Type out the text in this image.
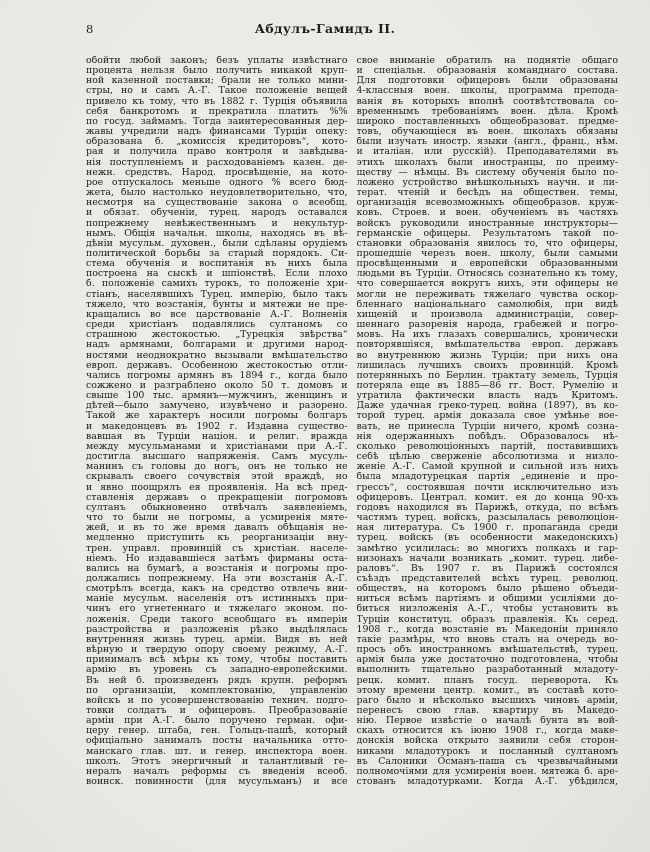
8	Абдулъ-Гамидъ II.
обойти любой законъ; безъ уплаты извѣстнаго
процента нельзя было получить никакой круп-
ной казенной поставки; брали не только мини-
стры, но и самъ А.-Г. Такое положеніе вещей
привело къ тому, что въ 1882 г. Турція объявила
себя банкротомъ и прекратила платить %%
по госуд. займамъ. Тогда заинтересованныя дер-
жавы учредили надъ финансами Турціи опеку:
образована б. „комиссія кредиторовъ“, кото-
рая и получила право контроля и завѣдыва-
нія поступленіемъ и расходованіемъ казен. де-
нежн. средствъ. Народ. просвѣщеніе, на кото-
рое отпускалось меньше одного % всего бюд-
жета, было настолько неудовлетворительно, что,
несмотря на существованіе закона о всеобщ.
и обязат. обученіи, турец. народъ оставался
попрежнему невѣжественнымъ и некультур-
нымъ. Общія начальн. школы, находясь въ вѣ-
дѣніи мусульм. духовен., были сдѣланы орудіемъ
политической борьбы за старый порядокъ. Си-
стема обученія и воспитанія въ нихъ была
построена на сыскѣ и шпіонствѣ. Если плохо
б. положеніе самихъ турокъ, то положеніе хри-
стіанъ, населявшихъ Турец. имперію, было такъ
тяжело, что возстанія, бунты и мятежи не пре-
кращались во все царствованіе А.-Г. Волненія
среди христіанъ подавлялись султаномъ со
страшною жестокостью. „Турецкія звѣрства“
надъ армянами, болгарами и другими народ-
ностями неоднократно вызывали вмѣшательство
европ. державъ. Особенною жестокостью отли-
чались погромы армянъ въ 1894 г., когда было
сожжено и разграблено около 50 т. домовъ и
свыше 100 тыс. армянъ—мужчинъ, женщинъ и
дѣтей—было замучено, изувѣчено и разорено.
Такой же характеръ носили погромы болгаръ
и македонцевъ въ 1902 г. Издавна существо-
вавшая въ Турціи націон. и религ. вражда
между мусульманами и христіанами при А.-Г.
достигла высшаго напряженія. Самъ мусуль-
манинъ съ головы до ногъ, онъ не только не
скрывалъ своего сочувствія этой враждѣ, но
и явно поощрялъ ея проявленія. На всѣ пред-
ставленія державъ о прекращеніи погромовъ
султанъ обыкновенно отвѣчалъ заявленіемъ,
что то были не погромы, а усмиренія мяте-
жей, и въ то же время давалъ обѣщанія не-
медленно приступить къ реорганизаціи вну-
трен. управл. провинцій съ христіан. населе-
ніемъ. Но издававшіеся затѣмъ фирманы оста-
вались на бумагѣ, а возстанія и погромы про-
должались попрежнему. На эти возстанія А.-Г.
смотрѣлъ всегда, какъ на средство отвлечь вни-
маніе мусульм. населенія отъ истинныхъ при-
чинъ его угнетеннаго и тяжелаго эконом. по-
ложенія. Среди такого всеобщаго въ имперіи
разстройства и разложенія рѣзко выдѣлялась
внутренняя жизнь турец. арміи. Видя въ ней
вѣрную и твердую опору своему режиму, А.-Г.
принималъ всѣ мѣры къ тому, чтобы поставить
армію въ уровень съ западно-европейскими.
Въ ней б. произведенъ рядъ крупн. реформъ
по организаціи, комплектованію, управленію
войскъ и по усовершенствованію технич. подго-
товки солдатъ и офицеровъ. Преобразованіе
арміи при А.-Г. было поручено герман. офи-
церу генер. штаба, ген. Гольцъ-пашѣ, который
офиціально занималъ посты начальника отто-
манскаго глав. шт. и генер. инспектора воен.
школъ. Этотъ энергичный и талантливый ге-
нералъ началъ реформы съ введенія всеоб.
воинск. повинности (для мусульманъ) и все
свое вниманіе обратилъ на поднятіе общаго
и спеціальн. образованія команднаго состава.
Для подготовки офицеровъ были образованы
4-классныя воен. школы, программа препода-
ванія въ которыхъ вполнѣ соотвѣтствовала со-
временнымъ требованіямъ воен. дѣла. Кромѣ
широко поставленныхъ общеобразоват. предме-
товъ, обучающіеся въ воен. школахъ обязаны
были изучать иностр. языки (англ., франц., нѣм.
и италіан. или русскій). Преподавателями въ
этихъ школахъ были иностранцы, по преиму-
ществу — нѣмцы. Въ систему обученія было по-
ложено устройство внѣшкольныхъ научн. и ли-
терат. чтеній и бесѣдъ на обществен. темы,
организація всевозможныхъ общеобразов. круж-
ковъ. Строев. и воен. обученіемъ въ частяхъ
войскъ руководили иностранные инструкторы—
германскіе офицеры. Результатомъ такой по-
становки образованія явилось то, что офицеры,
прошедшіе черезъ воен. школу, были самыми
просвѣщенными и европейски образованными
людьми въ Турціи. Относясь сознательно къ тому,
что совершается вокругъ нихъ, эти офицеры не
могли не переживать тяжелаго чувства оскор-
бленнаго національнаго самолюбія, при видѣ
хищеній и произвола администраціи, совер-
шеннаго разоренія народа, грабежей и погро-
мовъ. На ихъ глазахъ совершались, хронически
повторявшіяся, вмѣшательства европ. державъ
во внутреннюю жизнь Турціи; при нихъ она
лишилась лучшихъ своихъ провинцій. Кромѣ
потерянныхъ по Берлин. трактату земель, Турція
потеряла еще въ 1885—86 гг. Вост. Румелію и
утратила фактически власть надъ Критомъ.
Даже удачная греко-турец. война (1897), въ ко-
торой турец. армія доказала свое умѣнье вое-
вать, не принесла Турціи ничего, кромѣ созна-
нія одержанныхъ побѣдъ. Образовалось нѣ-
сколько революціонныхъ партій, поставившихъ
себѣ цѣлью сверженіе абсолютизма и низло-
женіе А.-Г. Самой крупной и сильной изъ нихъ
была младотурецкая партія „единеніе и про-
грессъ“, состоявшая почти исключительно изъ
офицеровъ. Централ. комит. ея до конца 90-хъ
годовъ находился въ Парижѣ, откуда, по всѣмъ
частямъ турец. войскъ, разсылалась революціон-
ная литература. Съ 1900 г. пропаганда среди
турец. войскъ (въ особенности македонскихъ)
замѣтно усилилась: во многихъ полкахъ и гар-
низонахъ начали возникать „комит. турец. либе-
раловъ“. Въ 1907 г. въ Парижѣ состоялся
съѣздъ представителей всѣхъ турец. революц.
обществъ, на которомъ было рѣшено объеди-
ниться всѣмъ партіямъ и общими усиліями до-
биться низложенія А.-Г., чтобы установить въ
Турціи конституц. образъ правленія. Къ серед.
1908 г., когда возстаніе въ Македоніи приняло
такіе размѣры, что вновь сталъ на очередь во-
просъ объ иностранномъ вмѣшательствѣ, турец.
армія была уже достаточно подготовлена, чтобы
выполнить тщательно разработанный младоту-
рецк. комит. планъ госуд. переворота. Къ
этому времени центр. комит., въ составѣ кото-
раго было и нѣсколько высшихъ чиновъ арміи,
перенесъ свою глав. квартиру въ Македо-
нію. Первое извѣстіе о началѣ бунта въ вой-
скахъ относится къ іюню 1908 г., когда маке-
донскія войска открыто заявили себя сторон-
никами младотурокъ и посланный султаномъ
въ Салоники Османъ-паша съ чрезвычайными
полномочіями для усмиренія воен. мятежа б. аре-
стованъ младотурками. Когда А.-Г. убѣдился,
